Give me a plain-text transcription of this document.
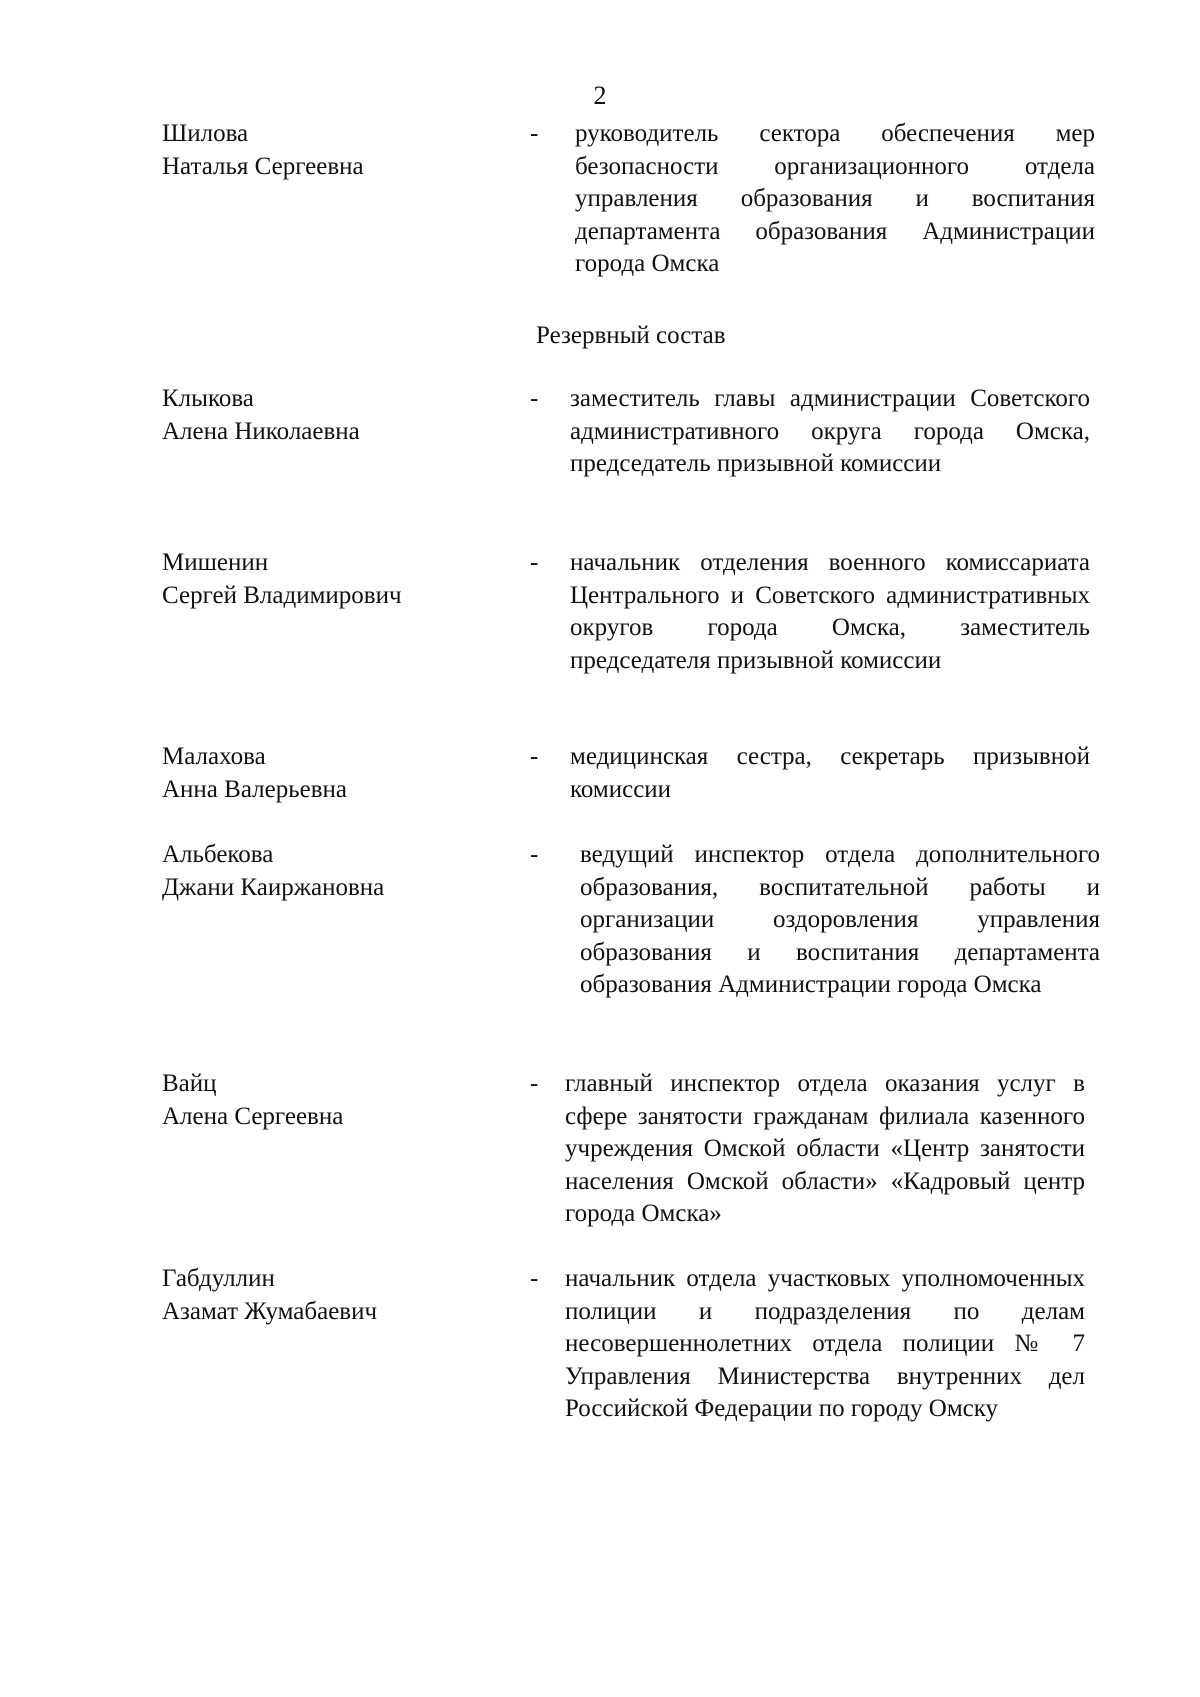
2
Шилова
Наталья Сергеевна
- руководитель сектора обеспечения мер безопасности организационного отдела управления образования и воспитания департамента образования Администрации города Омска
Резервный состав
Клыкова
Алена Николаевна
- заместитель главы администрации Советского административного округа города Омска, председатель призывной комиссии
Мишенин
Сергей Владимирович
- начальник отделения военного комиссариата Центрального и Советского административных округов города Омска, заместитель председателя призывной комиссии
Малахова
Анна Валерьевна
- медицинская сестра, секретарь призывной комиссии
Альбекова
Джани Каиржановна
- ведущий инспектор отдела дополнительного образования, воспитательной работы и организации оздоровления управления образования и воспитания департамента образования Администрации города Омска
Вайц
Алена Сергеевна
- главный инспектор отдела оказания услуг в сфере занятости гражданам филиала казенного учреждения Омской области «Центр занятости населения Омской области» «Кадровый центр города Омска»
Габдуллин
Азамат Жумабаевич
- начальник отдела участковых уполномоченных полиции и подразделения по делам несовершеннолетних отдела полиции № 7 Управления Министерства внутренних дел Российской Федерации по городу Омску
